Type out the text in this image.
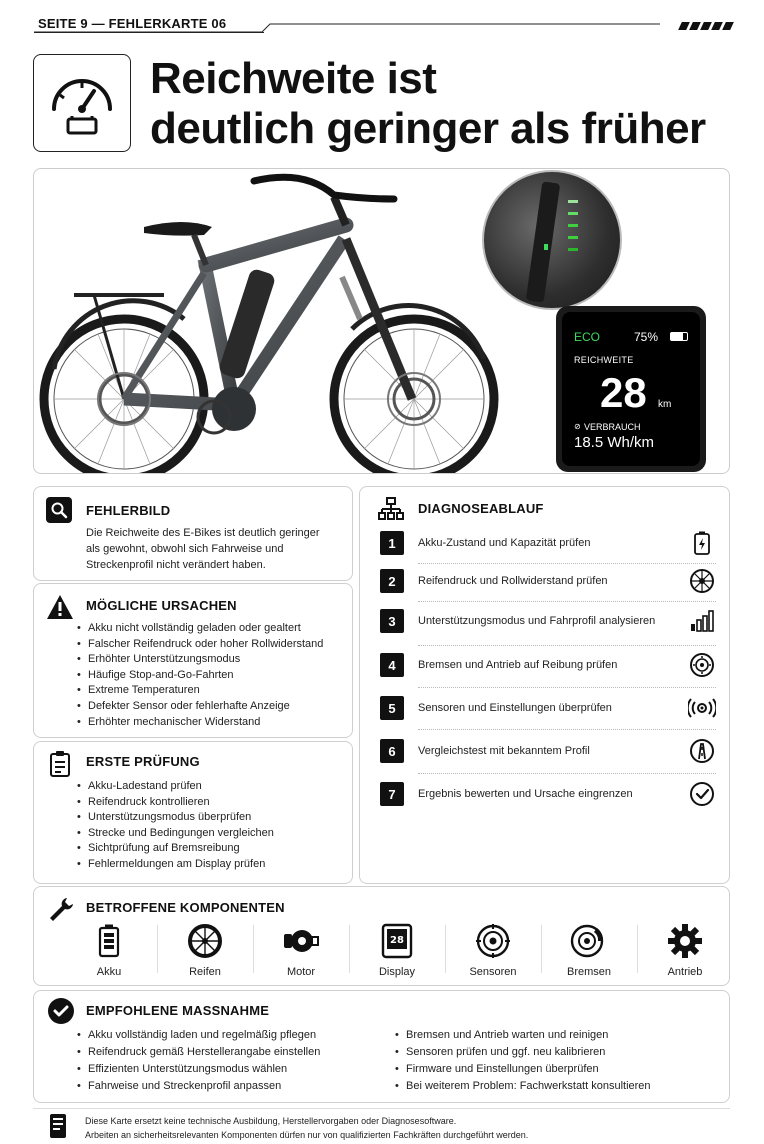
SEITE 9 — FEHLERKARTE 06
Reichweite ist
deutlich geringer als früher
ECO	75%
REICHWEITE
28 km
⊘ VERBRAUCH
18.5 Wh/km
FEHLERBILD
Die Reichweite des E-Bikes ist deutlich geringer als gewohnt, obwohl sich Fahrweise und Streckenprofil nicht verändert haben.
MÖGLICHE URSACHEN
• Akku nicht vollständig geladen oder gealtert
• Falscher Reifendruck oder hoher Rollwiderstand
• Erhöhter Unterstützungsmodus
• Häufige Stop-and-Go-Fahrten
• Extreme Temperaturen
• Defekter Sensor oder fehlerhafte Anzeige
• Erhöhter mechanischer Widerstand
ERSTE PRÜFUNG
• Akku-Ladestand prüfen
• Reifendruck kontrollieren
• Unterstützungsmodus überprüfen
• Strecke und Bedingungen vergleichen
• Sichtprüfung auf Bremsreibung
• Fehlermeldungen am Display prüfen
DIAGNOSEABLAUF
1	Akku-Zustand und Kapazität prüfen
2	Reifendruck und Rollwiderstand prüfen
3	Unterstützungsmodus und Fahrprofil analysieren
4	Bremsen und Antrieb auf Reibung prüfen
5	Sensoren und Einstellungen überprüfen
6	Vergleichstest mit bekanntem Profil
7	Ergebnis bewerten und Ursache eingrenzen
BETROFFENE KOMPONENTEN
Akku	Reifen	Motor
28
Display	Sensoren	Bremsen	Antrieb
EMPFOHLENE MASSNAHME
• Akku vollständig laden und regelmäßig pflegen
• Reifendruck gemäß Herstellerangabe einstellen
• Effizienten Unterstützungsmodus wählen
• Fahrweise und Streckenprofil anpassen
• Bremsen und Antrieb warten und reinigen
• Sensoren prüfen und ggf. neu kalibrieren
• Firmware und Einstellungen überprüfen
• Bei weiterem Problem: Fachwerkstatt konsultieren
Diese Karte ersetzt keine technische Ausbildung, Herstellervorgaben oder Diagnosesoftware.
Arbeiten an sicherheitsrelevanten Komponenten dürfen nur von qualifizierten Fachkräften durchgeführt werden.
